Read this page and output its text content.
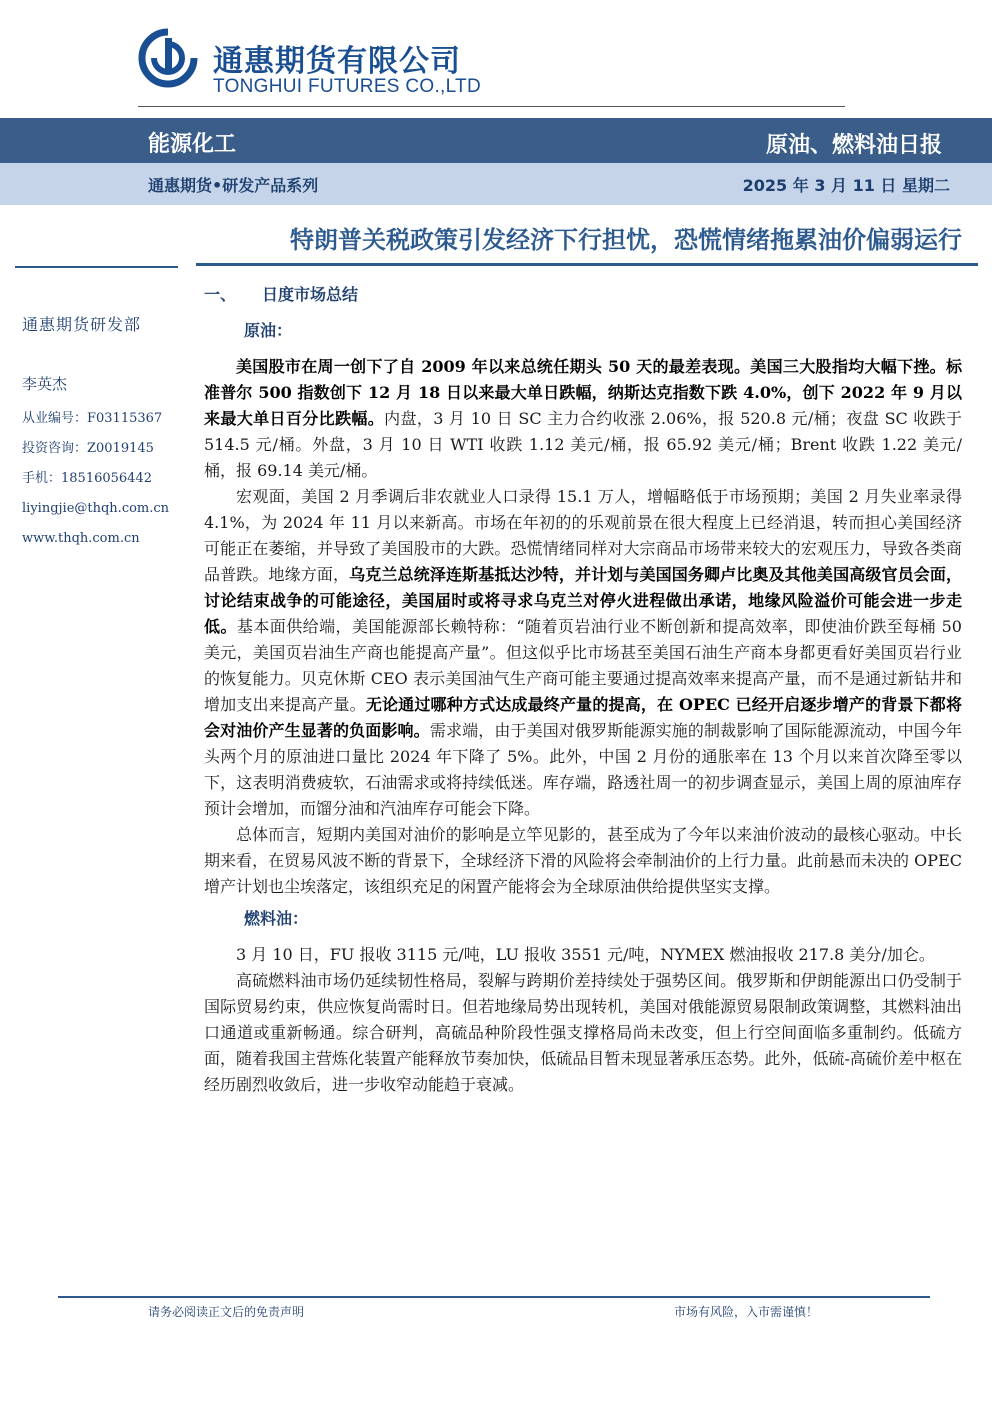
通惠期货有限公司
TONGHUI FUTURES CO.,LTD
能源化工	原油、燃料油日报
通惠期货•研发产品系列	2025 年 3 月 11 日 星期二
特朗普关税政策引发经济下行担忧，恐慌情绪拖累油价偏弱运行
一、 日度市场总结
通惠期货研发部
李英杰
从业编号：F03115367
投资咨询：Z0019145
手机：18516056442
liyingjie@thqh.com.cn
www.thqh.com.cn
原油：

美国股市在周一创下了自 2009 年以来总统任期头 50 天的最差表现。美国三大股指均大幅下挫。标准普尔 500 指数创下 12 月 18 日以来最大单日跌幅，纳斯达克指数下跌 4.0%，创下 2022 年 9 月以来最大单日百分比跌幅。内盘，3 月 10 日 SC 主力合约收涨 2.06%，报 520.8 元/桶；夜盘 SC 收跌于 514.5 元/桶。外盘，3 月 10 日 WTI 收跌 1.12 美元/桶，报 65.92 美元/桶；Brent 收跌 1.22 美元/桶，报 69.14 美元/桶。

宏观面，美国 2 月季调后非农就业人口录得 15.1 万人，增幅略低于市场预期；美国 2 月失业率录得 4.1%，为 2024 年 11 月以来新高。市场在年初的的乐观前景在很大程度上已经消退，转而担心美国经济可能正在萎缩，并导致了美国股市的大跌。恐慌情绪同样对大宗商品市场带来较大的宏观压力，导致各类商品普跌。地缘方面，乌克兰总统泽连斯基抵达沙特，并计划与美国国务卿卢比奥及其他美国高级官员会面，讨论结束战争的可能途径，美国届时或将寻求乌克兰对停火进程做出承诺，地缘风险溢价可能会进一步走低。基本面供给端，美国能源部长赖特称：“随着页岩油行业不断创新和提高效率，即使油价跌至每桶 50 美元，美国页岩油生产商也能提高产量”。但这似乎比市场甚至美国石油生产商本身都更看好美国页岩行业的恢复能力。贝克休斯 CEO 表示美国油气生产商可能主要通过提高效率来提高产量，而不是通过新钻井和增加支出来提高产量。无论通过哪种方式达成最终产量的提高，在 OPEC 已经开启逐步增产的背景下都将会对油价产生显著的负面影响。需求端，由于美国对俄罗斯能源实施的制裁影响了国际能源流动，中国今年头两个月的原油进口量比 2024 年下降了 5%。此外，中国 2 月份的通胀率在 13 个月以来首次降至零以下，这表明消费疲软，石油需求或将持续低迷。库存端，路透社周一的初步调查显示，美国上周的原油库存预计会增加，而馏分油和汽油库存可能会下降。

总体而言，短期内美国对油价的影响是立竿见影的，甚至成为了今年以来油价波动的最核心驱动。中长期来看，在贸易风波不断的背景下，全球经济下滑的风险将会牵制油价的上行力量。此前悬而未决的 OPEC 增产计划也尘埃落定，该组织充足的闲置产能将会为全球原油供给提供坚实支撑。

燃料油：

3 月 10 日，FU 报收 3115 元/吨，LU 报收 3551 元/吨，NYMEX 燃油报收 217.8 美分/加仑。

高硫燃料油市场仍延续韧性格局，裂解与跨期价差持续处于强势区间。俄罗斯和伊朗能源出口仍受制于国际贸易约束，供应恢复尚需时日。但若地缘局势出现转机，美国对俄能源贸易限制政策调整，其燃料油出口通道或重新畅通。综合研判，高硫品种阶段性强支撑格局尚未改变，但上行空间面临多重制约。低硫方面，随着我国主营炼化装置产能释放节奏加快，低硫品目暂未现显著承压态势。此外，低硫-高硫价差中枢在经历剧烈收敛后，进一步收窄动能趋于衰减。

请务必阅读正文后的免责声明	市场有风险，入市需谨慎！
